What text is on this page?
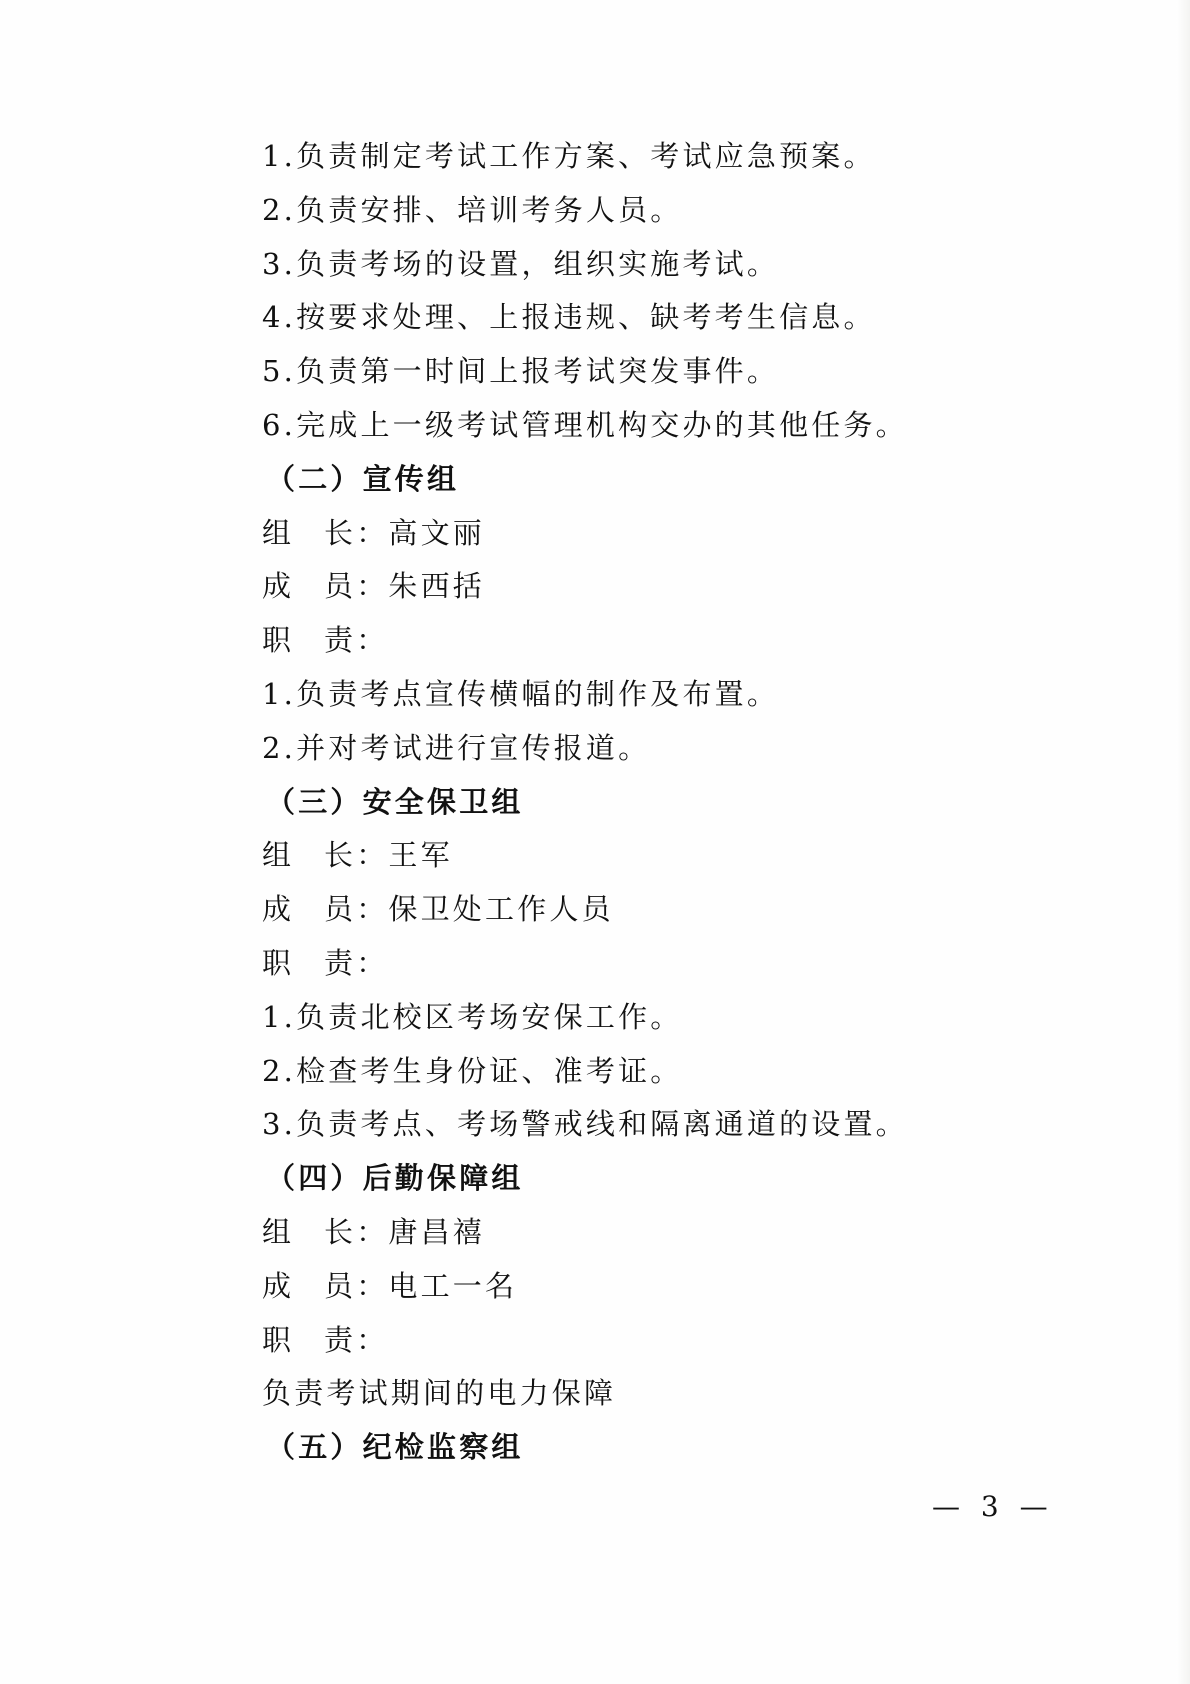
1.负责制定考试工作方案、考试应急预案。
2.负责安排、培训考务人员。
3.负责考场的设置，组织实施考试。
4.按要求处理、上报违规、缺考考生信息。
5.负责第一时间上报考试突发事件。
6.完成上一级考试管理机构交办的其他任务。
（二）宣传组
组	长 ：高文丽
成	员 ：朱西括
职	责 ：
1.负责考点宣传横幅的制作及布置。
2.并对考试进行宣传报道。
（三）安全保卫组
组	长 ：王军
成	员 ：保卫处工作人员
职	责 ：
1.负责北校区考场安保工作。
2.检查考生身份证、准考证。
3.负责考点、考场警戒线和隔离通道的设置。
（四）后勤保障组
组	长 ：唐昌禧
成	员 ：电工一名
职	责 ：
负责考试期间的电力保障
（五）纪检监察组
— 3 —
